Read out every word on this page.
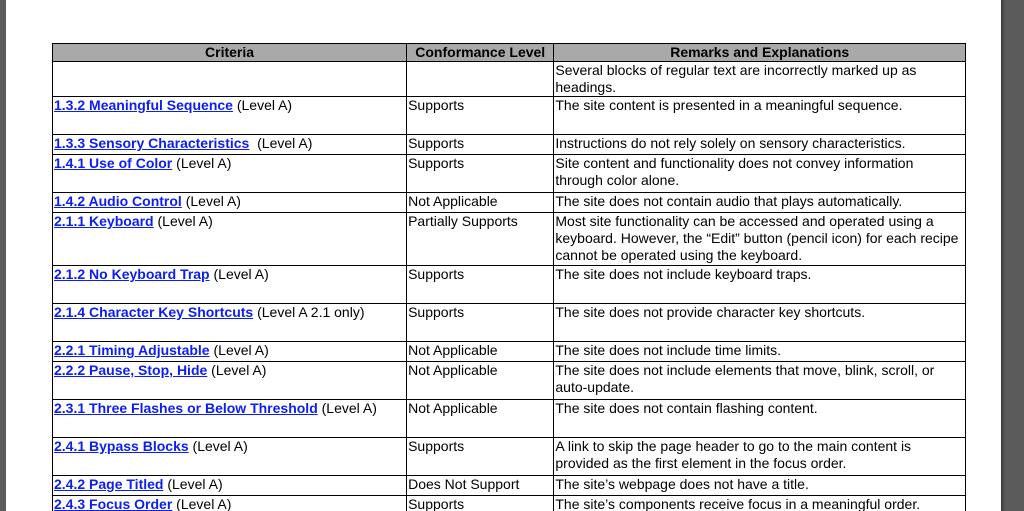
Criteria	Conformance Level	Remarks and Explanations
		Several blocks of regular text are incorrectly marked up as headings.
1.3.2 Meaningful Sequence (Level A)	Supports	The site content is presented in a meaningful sequence.
1.3.3 Sensory Characteristics  (Level A)	Supports	Instructions do not rely solely on sensory characteristics.
1.4.1 Use of Color (Level A)	Supports	Site content and functionality does not convey information through color alone.
1.4.2 Audio Control (Level A)	Not Applicable	The site does not contain audio that plays automatically.
2.1.1 Keyboard (Level A)	Partially Supports	Most site functionality can be accessed and operated using a keyboard. However, the “Edit” button (pencil icon) for each recipe cannot be operated using the keyboard.
2.1.2 No Keyboard Trap (Level A)	Supports	The site does not include keyboard traps.
2.1.4 Character Key Shortcuts (Level A 2.1 only)	Supports	The site does not provide character key shortcuts.
2.2.1 Timing Adjustable (Level A)	Not Applicable	The site does not include time limits.
2.2.2 Pause, Stop, Hide (Level A)	Not Applicable	The site does not include elements that move, blink, scroll, or auto-update.
2.3.1 Three Flashes or Below Threshold (Level A)	Not Applicable	The site does not contain flashing content.
2.4.1 Bypass Blocks (Level A)	Supports	A link to skip the page header to go to the main content is provided as the first element in the focus order.
2.4.2 Page Titled (Level A)	Does Not Support	The site’s webpage does not have a title.
2.4.3 Focus Order (Level A)	Supports	The site’s components receive focus in a meaningful order.
